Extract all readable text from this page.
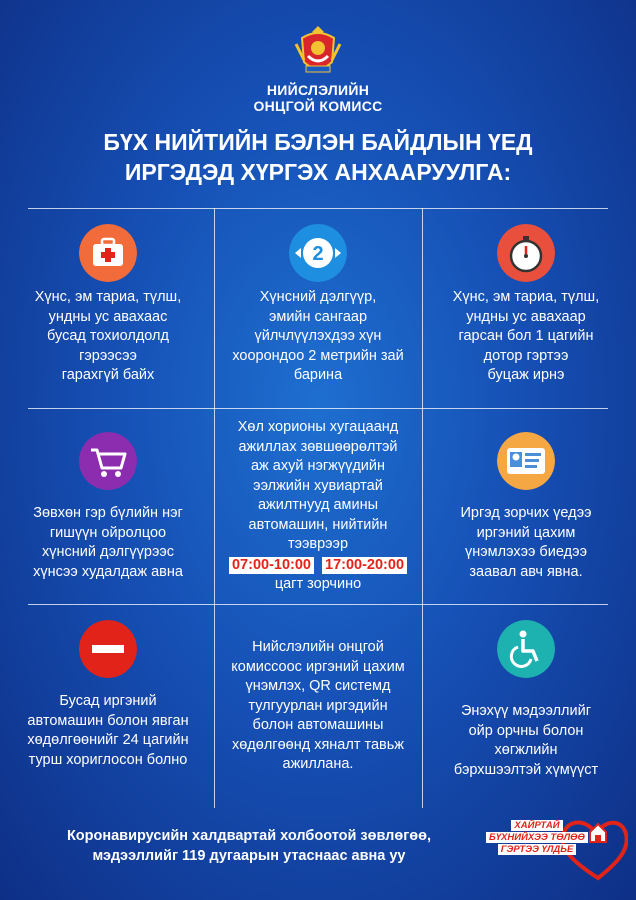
НИЙСЛЭЛИЙН
ОНЦГОЙ КОМИСС
БҮХ НИЙТИЙН БЭЛЭН БАЙДЛЫН ҮЕД
ИРГЭДЭД ХҮРГЭХ АНХААРУУЛГА:
Хүнс, эм тариа, түлш,
ундны ус авахаас
бусад тохиолдолд
гэрээсээ
гарахгүй байх
2
Хүнсний дэлгүүр,
эмийн сангаар
үйлчлүүлэхдээ хүн
хоорондоо 2 метрийн зай
барина
Хүнс, эм тариа, түлш,
ундны ус авахаар
гарсан бол 1 цагийн
дотор гэртээ
буцаж ирнэ
Зөвхөн гэр бүлийн нэг
гишүүн ойролцоо
хүнсний дэлгүүрээс
хүнсээ худалдаж авна
Хөл хорионы хугацаанд
ажиллах зөвшөөрөлтэй
аж ахуй нэгжүүдийн
ээлжийн хувиартай
ажилтнууд амины
автомашин, нийтийн
тээврээр
07:00-10:00 17:00-20:00
цагт зорчино
Иргэд зорчих үедээ
иргэний цахим
үнэмлэхээ биедээ
заавал авч явна.
Бусад иргэний
автомашин болон явган
хөдөлгөөнийг 24 цагийн
турш хориглосон болно
Нийслэлийн онцгой
комиссоос иргэний цахим
үнэмлэх, QR системд
тулгуурлан иргэдийн
болон автомашины
хөдөлгөөнд хяналт тавьж
ажиллана.
Энэхүү мэдээллийг
ойр орчны болон
хөгжлийн
бэрхшээлтэй хүмүүст
Коронавирусийн халдвартай холбоотой зөвлөгөө,
мэдээллийг 119 дугаарын утаснаас авна уу
ХАЙРТАЙ БҮХНИЙХЭЭ ТӨЛӨӨ ГЭРТЭЭ ҮЛДЬЕ
